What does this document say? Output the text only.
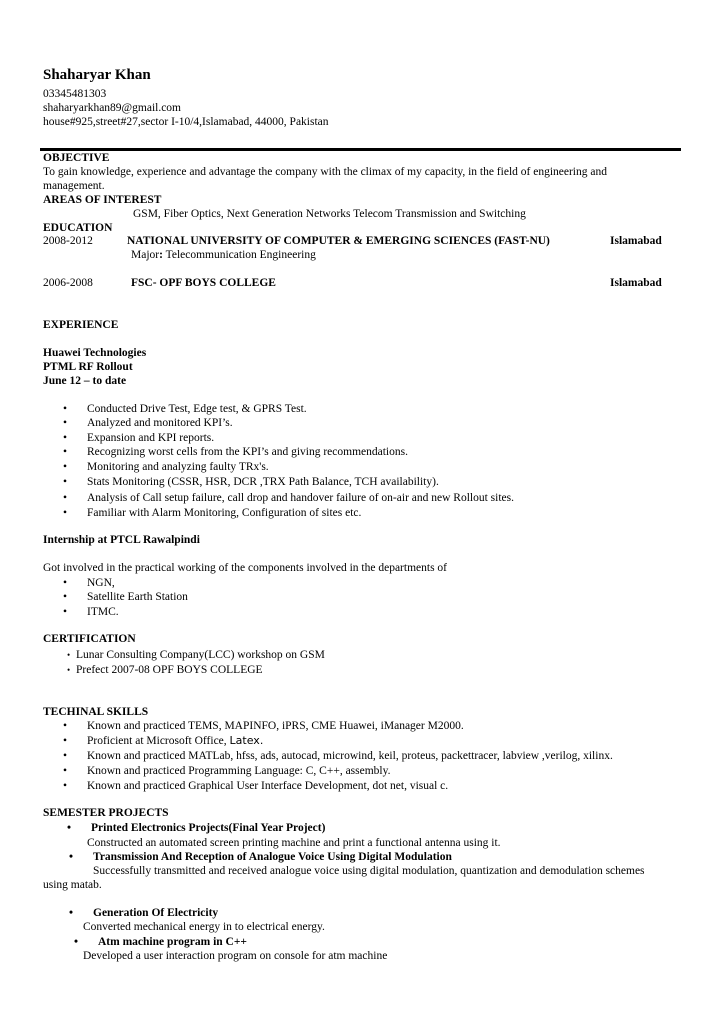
Shaharyar Khan
03345481303
shaharyarkhan89@gmail.com
house#925,street#27,sector I-10/4,Islamabad, 44000, Pakistan
OBJECTIVE
To gain knowledge, experience and advantage the company with the climax of my capacity, in the field of engineering and
management.
AREAS OF INTEREST
GSM, Fiber Optics, Next Generation Networks Telecom Transmission and Switching
EDUCATION
2008-2012	NATIONAL UNIVERSITY OF COMPUTER & EMERGING SCIENCES (FAST-NU)	Islamabad
Major: Telecommunication Engineering
2006-2008	FSC- OPF BOYS COLLEGE	Islamabad
EXPERIENCE
Huawei Technologies
PTML RF Rollout
June 12 – to date
• Conducted Drive Test, Edge test, & GPRS Test.
• Analyzed and monitored KPI’s.
• Expansion and KPI reports.
• Recognizing worst cells from the KPI’s and giving recommendations.
• Monitoring and analyzing faulty TRx's.
• Stats Monitoring (CSSR, HSR, DCR ,TRX Path Balance, TCH availability).
• Analysis of Call setup failure, call drop and handover failure of on-air and new Rollout sites.
• Familiar with Alarm Monitoring, Configuration of sites etc.
Internship at PTCL Rawalpindi
Got involved in the practical working of the components involved in the departments of
• NGN,
• Satellite Earth Station
• ITMC.
CERTIFICATION
• Lunar Consulting Company(LCC) workshop on GSM
• Prefect 2007-08 OPF BOYS COLLEGE
TECHINAL SKILLS
• Known and practiced TEMS, MAPINFO, iPRS, CME Huawei, iManager M2000.
• Proficient at Microsoft Office, Latex.
• Known and practiced MATLab, hfss, ads, autocad, microwind, keil, proteus, packettracer, labview ,verilog, xilinx.
• Known and practiced Programming Language: C, C++, assembly.
• Known and practiced Graphical User Interface Development, dot net, visual c.
SEMESTER PROJECTS
• Printed Electronics Projects(Final Year Project)
Constructed an automated screen printing machine and print a functional antenna using it.
• Transmission And Reception of Analogue Voice Using Digital Modulation
Successfully transmitted and received analogue voice using digital modulation, quantization and demodulation schemes
using matab.
• Generation Of Electricity
Converted mechanical energy in to electrical energy.
• Atm machine program in C++
Developed a user interaction program on console for atm machine
